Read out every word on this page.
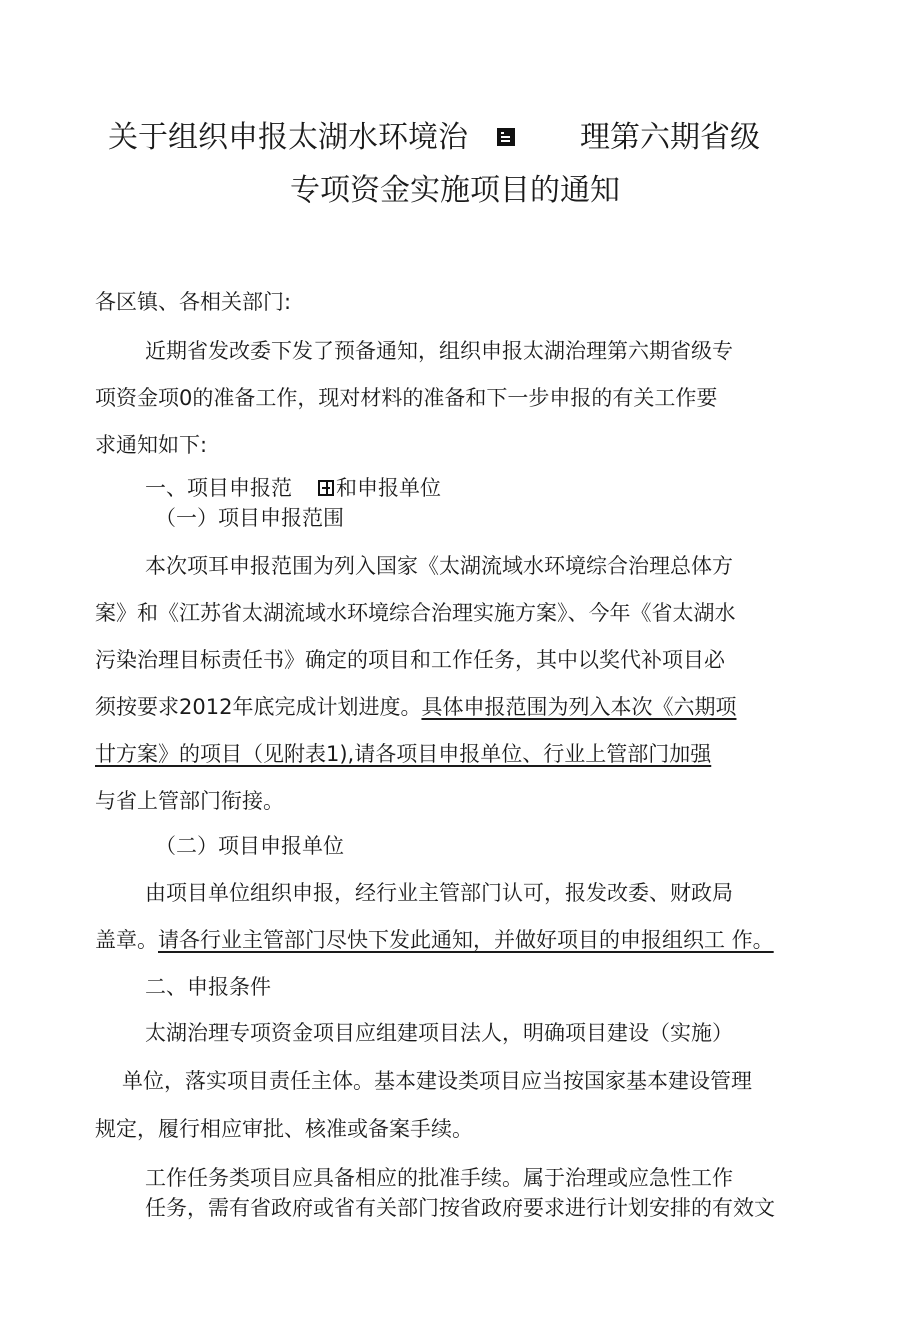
关于组织申报太湖水环境治	理第六期省级
专项资金实施项目的通知
各区镇、各相关部门:
近期省发改委下发了预备通知，组织申报太湖治理第六期省级专
项资金项0的准备工作，现对材料的准备和下一步申报的有关工作要
求通知如下:
一、项目申报范 和申报单位
（一）项目申报范围
本次项耳申报范围为列入国家《太湖流域水环境综合治理总体方
案》和《江苏省太湖流域水环境综合治理实施方案》、今年《省太湖水
污染治理目标责任书》确定的项目和工作任务，其中以奖代补项目必
须按要求2012年底完成计划进度。具体申报范围为列入本次《六期项
廿方案》的项目（见附表1),请各项目申报单位、行业上管部门加强
与省上管部门衔接。
（二）项目申报单位
由项目单位组织申报，经行业主管部门认可，报发改委、财政局
盖章。请各行业主管部门尽快下发此通知，并做好项目的申报组织工 作。
二、申报条件
太湖治理专项资金项目应组建项目法人，明确项目建设（实施）
单位，落实项目责任主体。基本建设类项目应当按国家基本建设管理
规定，履行相应审批、核准或备案手续。
工作任务类项目应具备相应的批准手续。属于治理或应急性工作
任务，需有省政府或省有关部门按省政府要求进行计划安排的有效文
